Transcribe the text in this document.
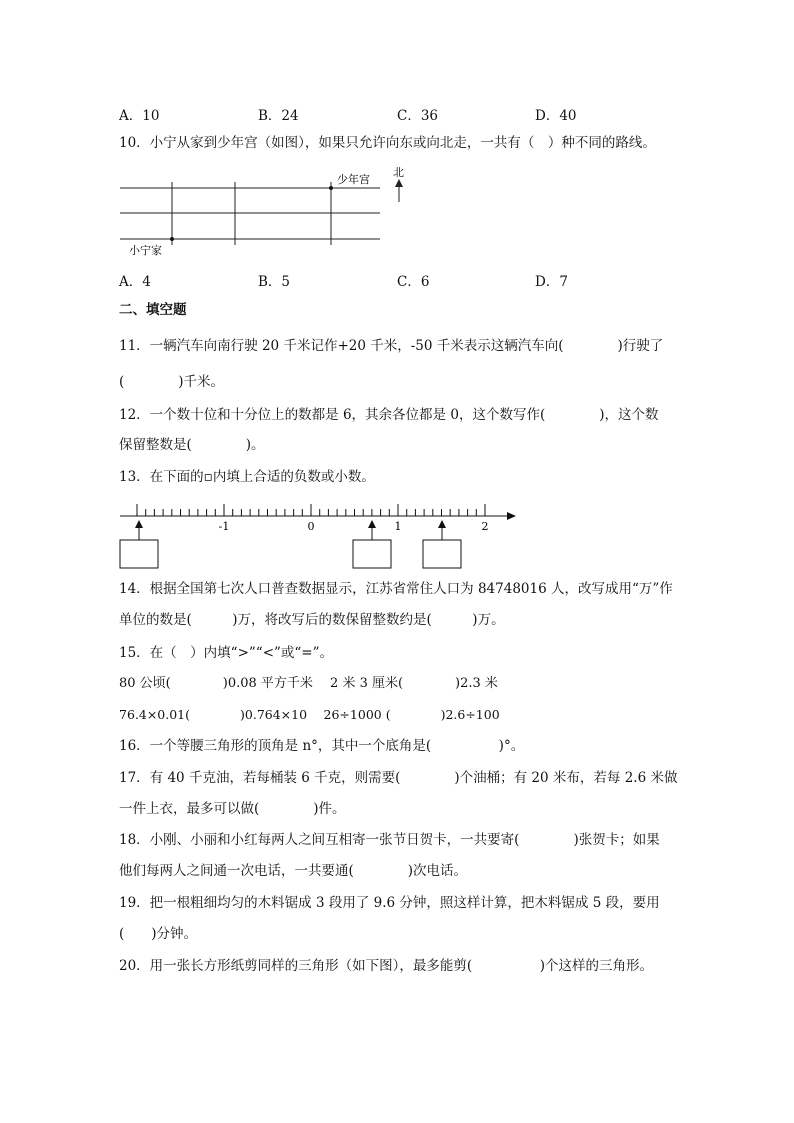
A．10	B．24	C．36	D．40
10．小宁从家到少年宫（如图），如果只允许向东或向北走，一共有（　）种不同的路线。
小宁家
少年宫
北
A．4	B．5	C．6	D．7
二、填空题
11．一辆汽车向南行驶 20 千米记作+20 千米，-50 千米表示这辆汽车向(　　　　)行驶了
(　　　　)千米。
12．一个数十位和十分位上的数都是 6，其余各位都是 0，这个数写作(　　　　)，这个数
保留整数是(　　　　)。
13．在下面的▫内填上合适的负数或小数。
-1	0	1	2
14．根据全国第七次人口普查数据显示，江苏省常住人口为 84748016 人，改写成用“万”作
单位的数是(　　　)万，将改写后的数保留整数约是(　　　)万。
15．在（　）内填“>”“<”或“=”。
80 公顷(　　　　)0.08 平方千米　 2 米 3 厘米(　　　　)2.3 米
76.4×0.01(　　　　)0.764×10　 26÷1000 (　　　　)2.6÷100
16．一个等腰三角形的顶角是 n°，其中一个底角是(　　　　　)°。
17．有 40 千克油，若每桶装 6 千克，则需要(　　　　)个油桶；有 20 米布，若每 2.6 米做
一件上衣，最多可以做(　　　　)件。
18．小刚、小丽和小红每两人之间互相寄一张节日贺卡，一共要寄(　　　　)张贺卡；如果
他们每两人之间通一次电话，一共要通(　　　　)次电话。
19．把一根粗细均匀的木料锯成 3 段用了 9.6 分钟，照这样计算，把木料锯成 5 段，要用
(　　)分钟。
20．用一张长方形纸剪同样的三角形（如下图），最多能剪(　　　　　)个这样的三角形。
